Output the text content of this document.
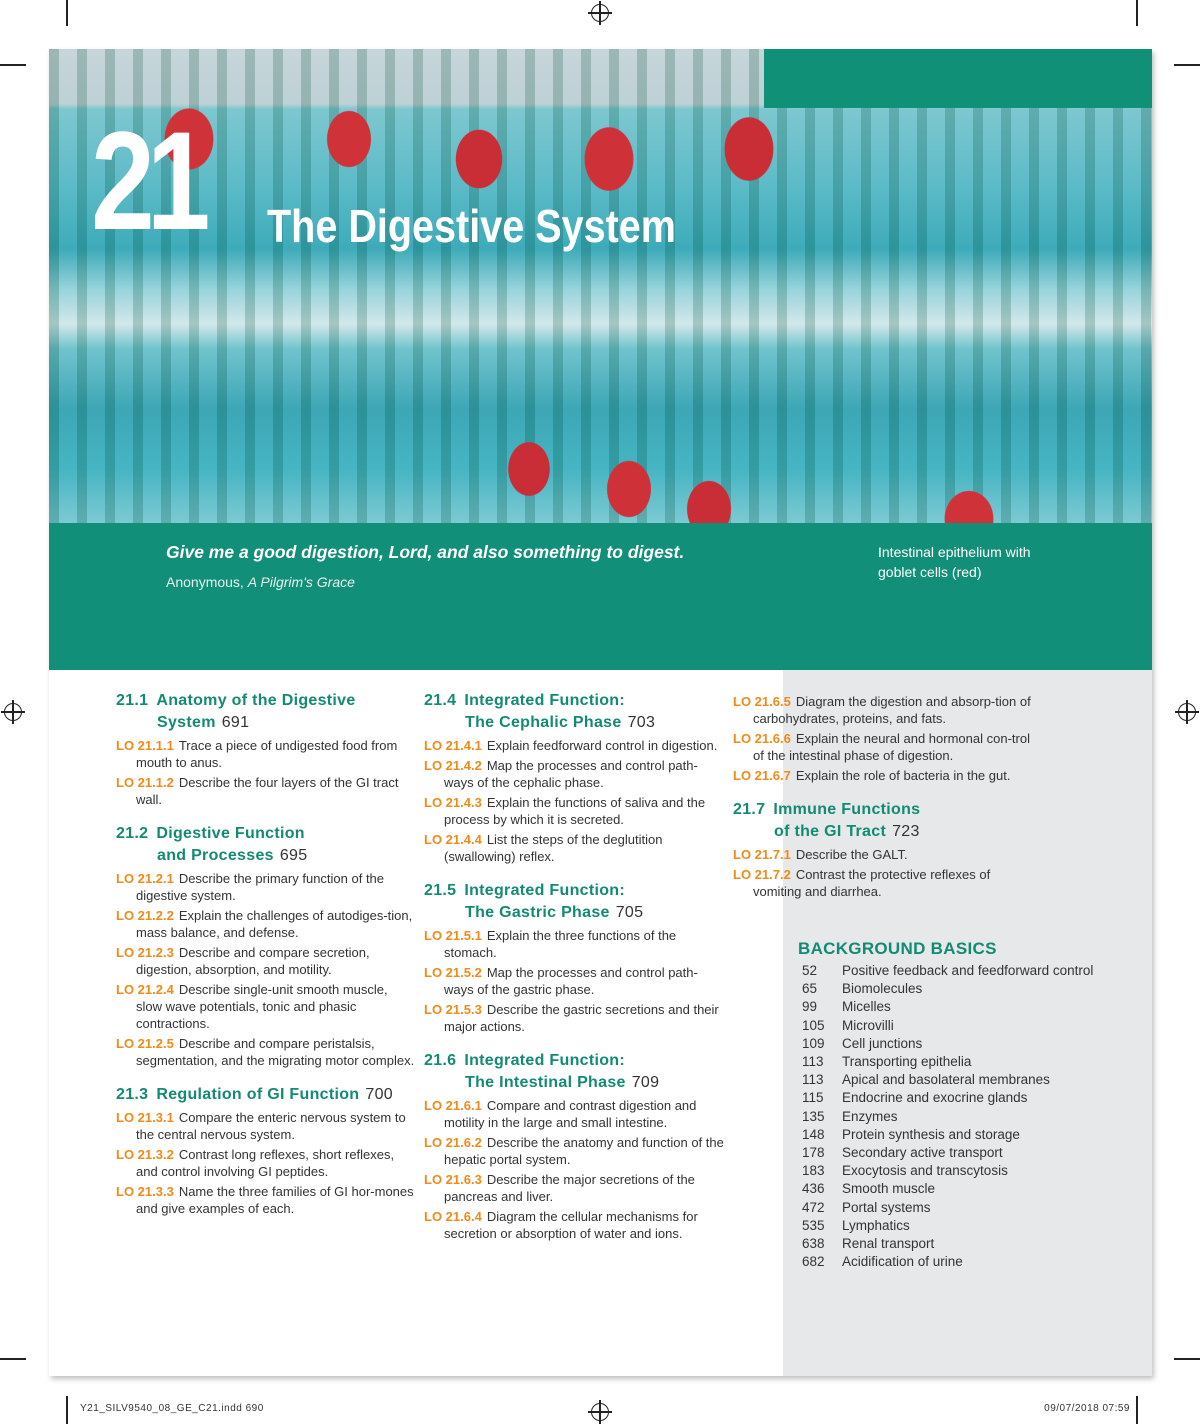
21 The Digestive System
Give me a good digestion, Lord, and also something to digest.
Anonymous, A Pilgrim's Grace
Intestinal epithelium with goblet cells (red)
21.1 Anatomy of the Digestive
System 691
LO 21.1.1 Trace a piece of undigested food from mouth to anus.
LO 21.1.2 Describe the four layers of the GI tract wall.
21.2 Digestive Function
and Processes 695
LO 21.2.1 Describe the primary function of the digestive system.
LO 21.2.2 Explain the challenges of autodiges-tion, mass balance, and defense.
LO 21.2.3 Describe and compare secretion, digestion, absorption, and motility.
LO 21.2.4 Describe single-unit smooth muscle, slow wave potentials, tonic and phasic contractions.
LO 21.2.5 Describe and compare peristalsis, segmentation, and the migrating motor complex.
21.3 Regulation of GI Function 700
LO 21.3.1 Compare the enteric nervous system to the central nervous system.
LO 21.3.2 Contrast long reflexes, short reflexes, and control involving GI peptides.
LO 21.3.3 Name the three families of GI hor-mones and give examples of each.
21.4 Integrated Function:
The Cephalic Phase 703
LO 21.4.1 Explain feedforward control in digestion.
LO 21.4.2 Map the processes and control path-ways of the cephalic phase.
LO 21.4.3 Explain the functions of saliva and the process by which it is secreted.
LO 21.4.4 List the steps of the deglutition (swallowing) reflex.
21.5 Integrated Function:
The Gastric Phase 705
LO 21.5.1 Explain the three functions of the stomach.
LO 21.5.2 Map the processes and control path-ways of the gastric phase.
LO 21.5.3 Describe the gastric secretions and their major actions.
21.6 Integrated Function:
The Intestinal Phase 709
LO 21.6.1 Compare and contrast digestion and motility in the large and small intestine.
LO 21.6.2 Describe the anatomy and function of the hepatic portal system.
LO 21.6.3 Describe the major secretions of the pancreas and liver.
LO 21.6.4 Diagram the cellular mechanisms for secretion or absorption of water and ions.
LO 21.6.5 Diagram the digestion and absorp-tion of carbohydrates, proteins, and fats.
LO 21.6.6 Explain the neural and hormonal con-trol of the intestinal phase of digestion.
LO 21.6.7 Explain the role of bacteria in the gut.
21.7 Immune Functions
of the GI Tract 723
LO 21.7.1 Describe the GALT.
LO 21.7.2 Contrast the protective reflexes of vomiting and diarrhea.
BACKGROUND BASICS
52	Positive feedback and feedforward control
65	Biomolecules
99	Micelles
105	Microvilli
109	Cell junctions
113	Transporting epithelia
113	Apical and basolateral membranes
115	Endocrine and exocrine glands
135	Enzymes
148	Protein synthesis and storage
178	Secondary active transport
183	Exocytosis and transcytosis
436	Smooth muscle
472	Portal systems
535	Lymphatics
638	Renal transport
682	Acidification of urine
Y21_SILV9540_08_GE_C21.indd 690	09/07/2018 07:59
